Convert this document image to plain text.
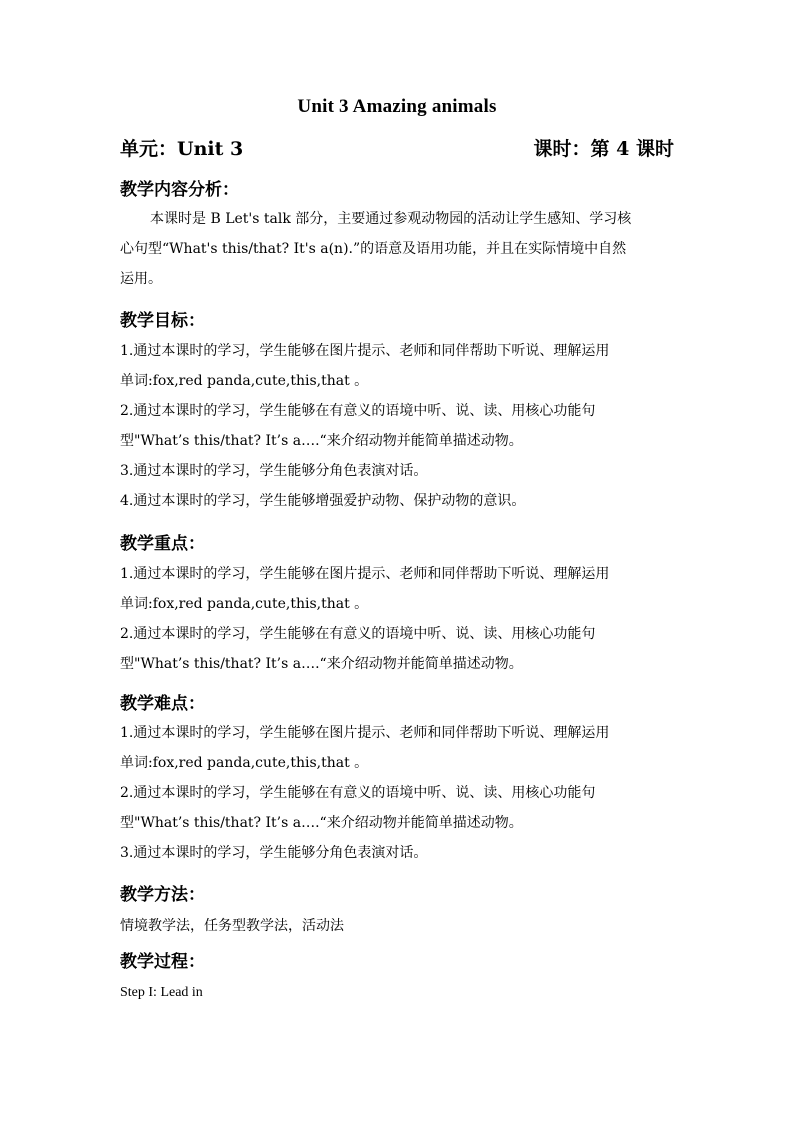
Unit 3 Amazing animals
单元：Unit 3	课时：第 4 课时
教学内容分析：
本课时是 B Let's talk 部分，主要通过参观动物园的活动让学生感知、学习核
心句型“What's this/that? It's a(n).”的语意及语用功能，并且在实际情境中自然
运用。
教学目标：
1.通过本课时的学习，学生能够在图片提示、老师和同伴帮助下听说、理解运用
单词:fox,red panda,cute,this,that 。
2.通过本课时的学习，学生能够在有意义的语境中听、说、读、用核心功能句
型"What’s this/that? It’s a….“来介绍动物并能简单描述动物。
3.通过本课时的学习，学生能够分角色表演对话。
4.通过本课时的学习，学生能够增强爱护动物、保护动物的意识。
教学重点：
1.通过本课时的学习，学生能够在图片提示、老师和同伴帮助下听说、理解运用
单词:fox,red panda,cute,this,that 。
2.通过本课时的学习，学生能够在有意义的语境中听、说、读、用核心功能句
型"What’s this/that? It’s a….“来介绍动物并能简单描述动物。
教学难点：
1.通过本课时的学习，学生能够在图片提示、老师和同伴帮助下听说、理解运用
单词:fox,red panda,cute,this,that 。
2.通过本课时的学习，学生能够在有意义的语境中听、说、读、用核心功能句
型"What’s this/that? It’s a….“来介绍动物并能简单描述动物。
3.通过本课时的学习，学生能够分角色表演对话。
教学方法：
情境教学法，任务型教学法，活动法
教学过程：
Step I: Lead in
